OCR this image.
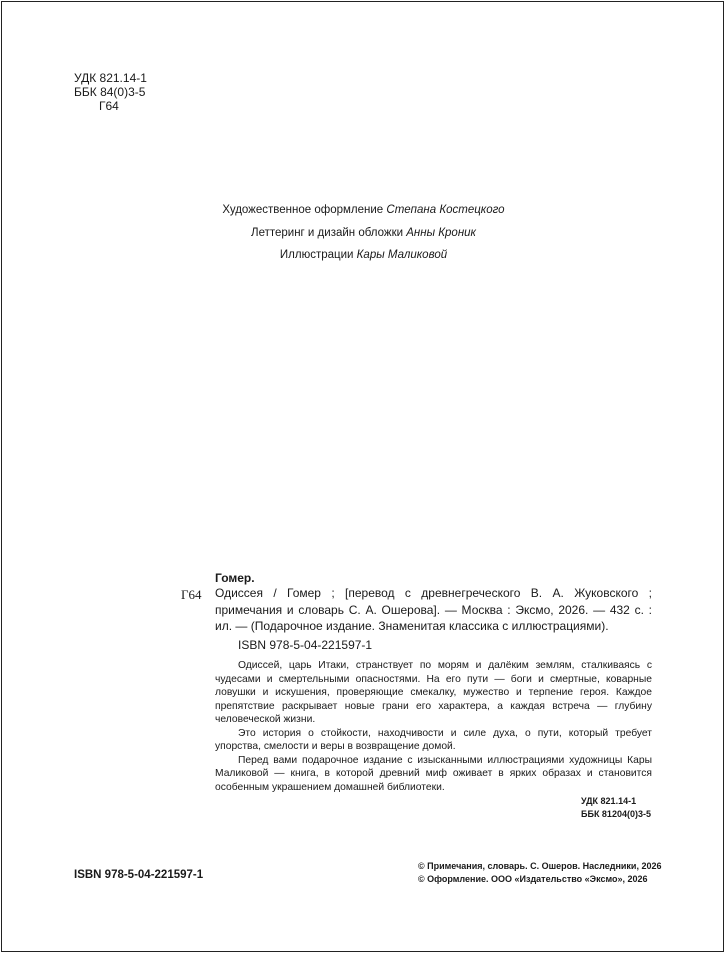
УДК 821.14-1
ББК 84(0)3-5
Г64
Художественное оформление Степана Костецкого
Леттеринг и дизайн обложки Анны Кроник
Иллюстрации Кары Маликовой
Гомер.
Г64 Одиссея / Гомер ; [перевод с древнегреческого В. А. Жуковского ; примечания и словарь С. А. Ошерова]. — Москва : Эксмо, 2026. — 432 с. : ил. — (Подарочное издание. Знаменитая классика с иллюстрациями).
ISBN 978-5-04-221597-1

Одиссей, царь Итаки, странствует по морям и далёким землям, сталкиваясь с чудесами и смертельными опасностями. На его пути — боги и смертные, коварные ловушки и искушения, проверяющие смекалку, мужество и терпение героя. Каждое препятствие раскрывает новые грани его характера, а каждая встреча — глубину человеческой жизни.

Это история о стойкости, находчивости и силе духа, о пути, который требует упорства, смелости и веры в возвращение домой.

Перед вами подарочное издание с изысканными иллюстрациями художницы Кары Маликовой — книга, в которой древний миф оживает в ярких образах и становится особенным украшением домашней библиотеки.

УДК 821.14-1
ББК 81204(0)3-5
ISBN 978-5-04-221597-1
© Примечания, словарь. С. Ошеров. Наследники, 2026
© Оформление. ООО «Издательство «Эксмо», 2026
